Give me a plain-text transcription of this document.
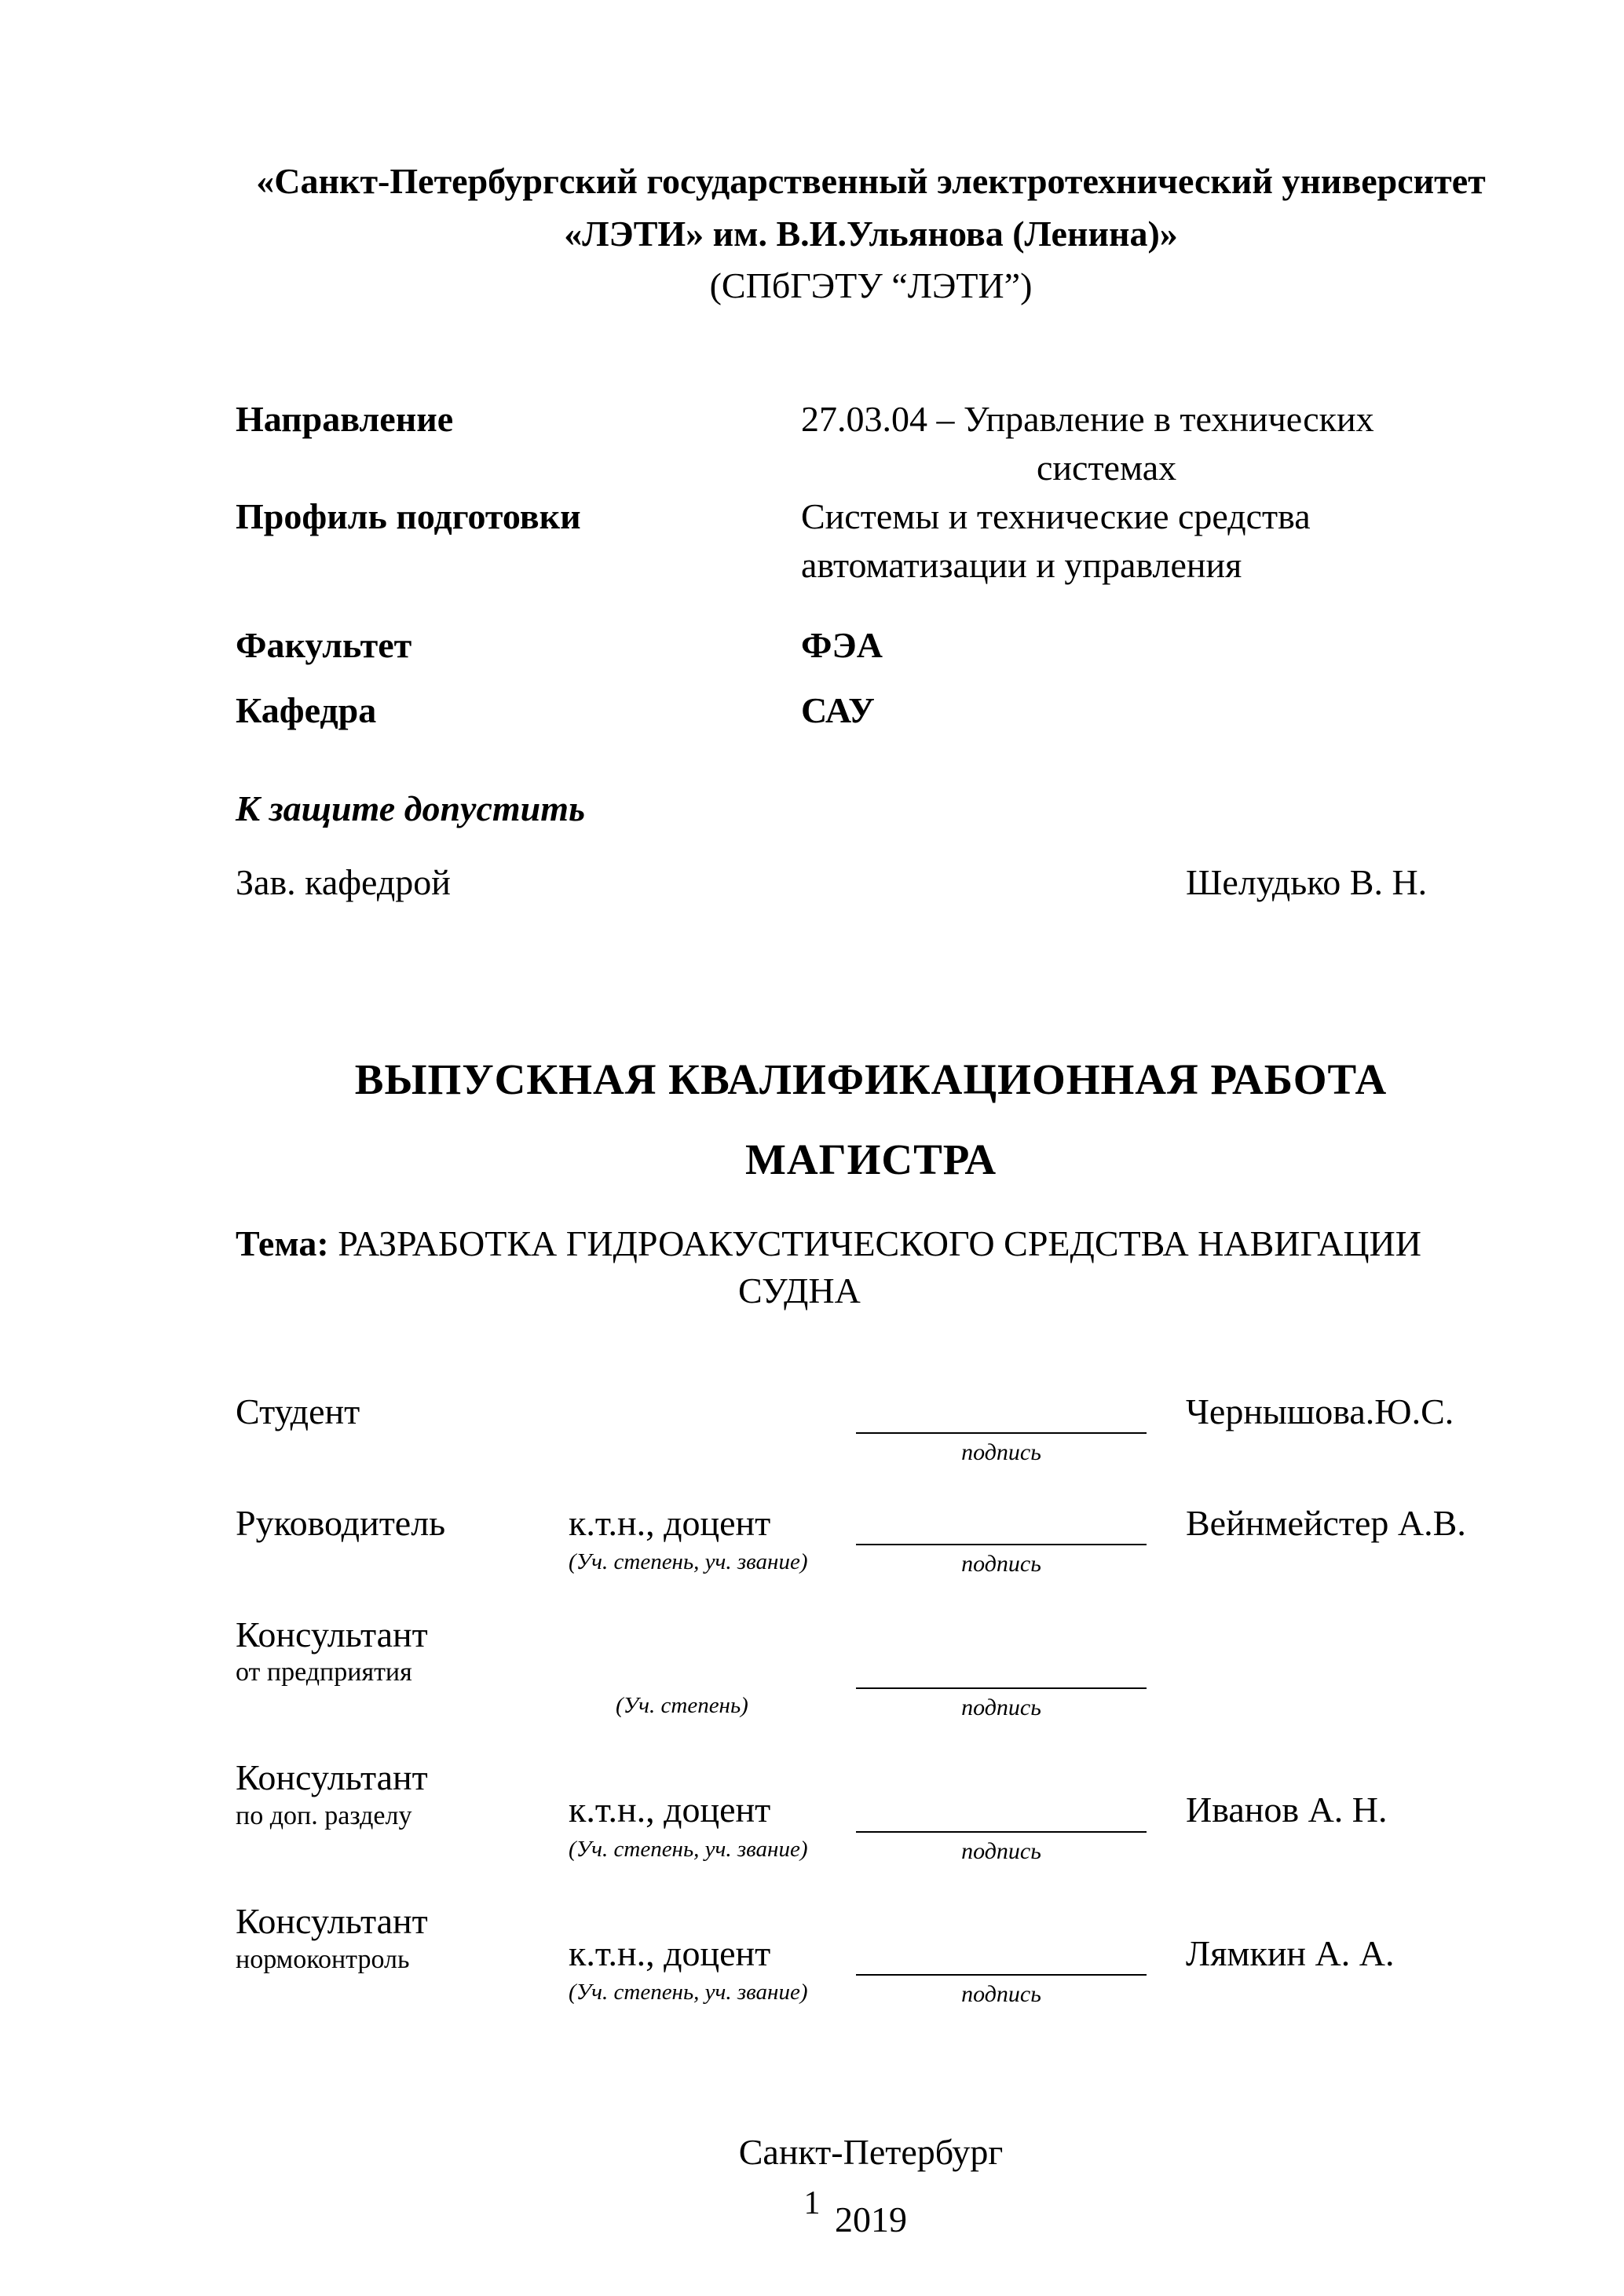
«Санкт-Петербургский государственный электротехнический университет
«ЛЭТИ» им. В.И.Ульянова (Ленина)»
(СПбГЭТУ “ЛЭТИ”)
Направление	27.03.04 – Управление в технических системах
Профиль подготовки	Системы и технические средства автоматизации и управления
Факультет	ФЭА
Кафедра	САУ
К защите допустить
Зав. кафедрой	Шелудько В. Н.
ВЫПУСКНАЯ КВАЛИФИКАЦИОННАЯ РАБОТА
МАГИСТРА
Тема: РАЗРАБОТКА ГИДРОАКУСТИЧЕСКОГО СРЕДСТВА НАВИГАЦИИ СУДНА
Студент	Чернышова.Ю.С.
подпись
Руководитель	к.т.н., доцент	Вейнмейстер А.В.
(Уч. степень, уч. звание)	подпись
Консультант
от предприятия
(Уч. степень)	подпись
Консультант
по доп. разделу	к.т.н., доцент	Иванов А. Н.
(Уч. степень, уч. звание)	подпись
Консультант
нормоконтроль	к.т.н., доцент	Лямкин А. А.
(Уч. степень, уч. звание)	подпись
Санкт-Петербург
2019
1
